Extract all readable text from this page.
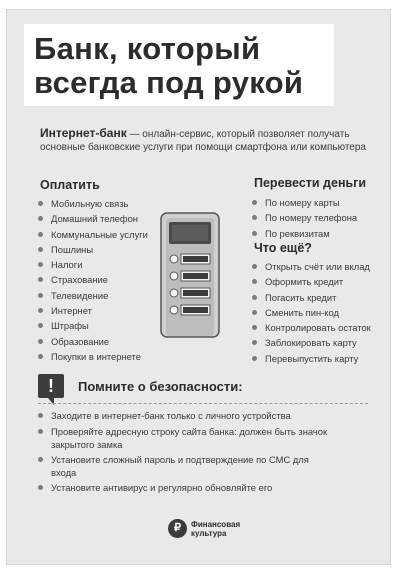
Банк, который
всегда под рукой
Интернет-банк — онлайн-сервис, который позволяет получать основные банковские услуги при помощи смартфона или компьютера
Оплатить
Мобильную связь
Домашний телефон
Коммунальные услуги
Пошлины
Налоги
Страхование
Телевидение
Интернет
Штрафы
Образование
Покупки в интернете
Перевести деньги
По номеру карты
По номеру телефона
По реквизитам
Что ещё?
Открыть счёт или вклад
Оформить кредит
Погасить кредит
Сменить пин-код
Контролировать остаток
Заблокировать карту
Перевыпустить карту
!	Помните о безопасности:
Заходите в интернет-банк только с личного устройства
Проверяйте адресную строку сайта банка: должен быть значок закрытого замка
Установите сложный пароль и подтверждение по СМС для входа
Установите антивирус и регулярно обновляйте его
₽	Финансовая
культура
